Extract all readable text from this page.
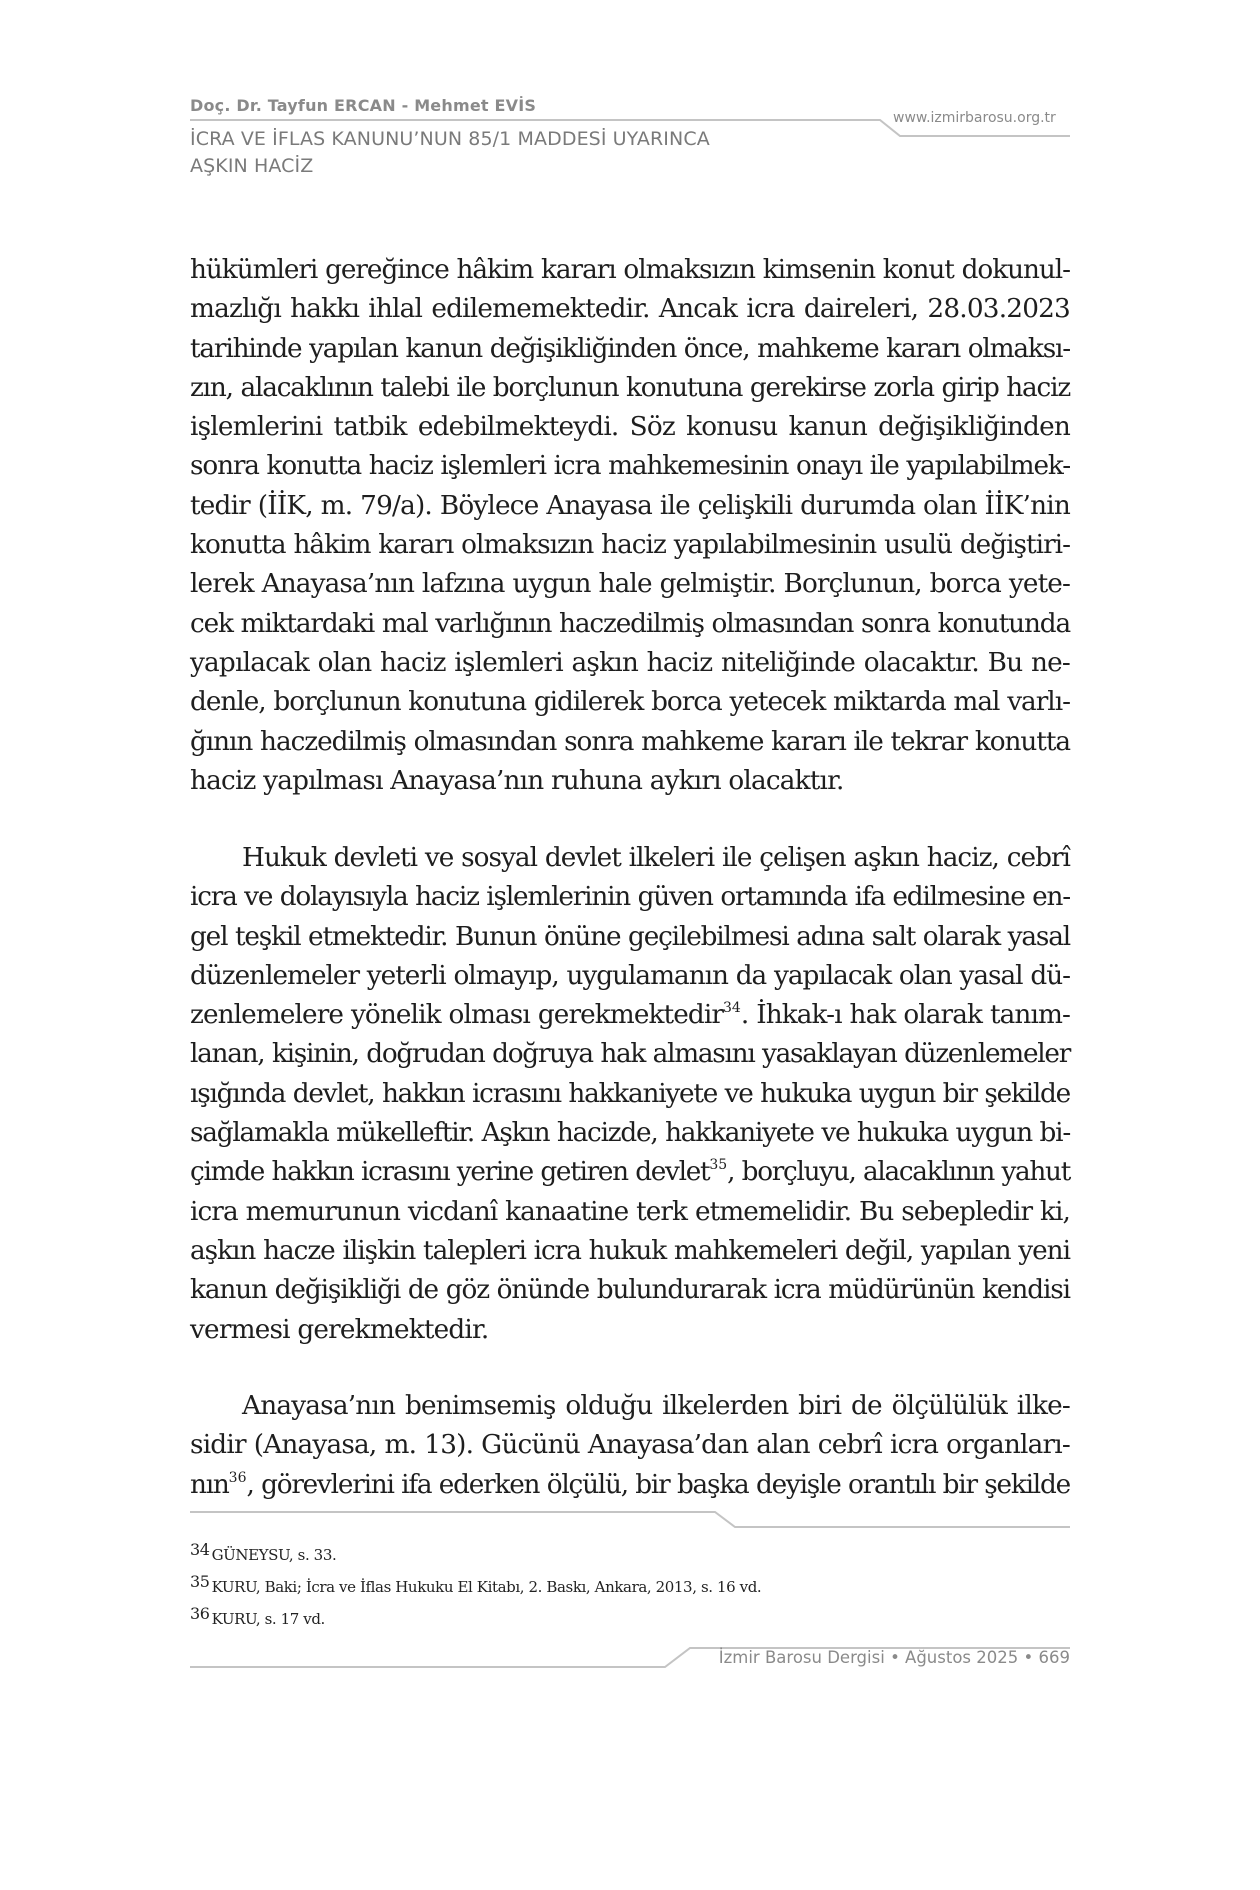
Doç. Dr. Tayfun ERCAN - Mehmet EVİS
İCRA VE İFLAS KANUNU’NUN 85/1 MADDESİ UYARINCA
AŞKIN HACİZ
www.izmirbarosu.org.tr
hükümleri gereğince hâkim kararı olmaksızın kimsenin konut dokunul-
mazlığı hakkı ihlal edilememektedir. Ancak icra daireleri, 28.03.2023
tarihinde yapılan kanun değişikliğinden önce, mahkeme kararı olmaksı-
zın, alacaklının talebi ile borçlunun konutuna gerekirse zorla girip haciz
işlemlerini tatbik edebilmekteydi. Söz konusu kanun değişikliğinden
sonra konutta haciz işlemleri icra mahkemesinin onayı ile yapılabilmek-
tedir (İİK, m. 79/a). Böylece Anayasa ile çelişkili durumda olan İİK’nin
konutta hâkim kararı olmaksızın haciz yapılabilmesinin usulü değiştiri-
lerek Anayasa’nın lafzına uygun hale gelmiştir. Borçlunun, borca yete-
cek miktardaki mal varlığının haczedilmiş olmasından sonra konutunda
yapılacak olan haciz işlemleri aşkın haciz niteliğinde olacaktır. Bu ne-
denle, borçlunun konutuna gidilerek borca yetecek miktarda mal varlı-
ğının haczedilmiş olmasından sonra mahkeme kararı ile tekrar konutta
haciz yapılması Anayasa’nın ruhuna aykırı olacaktır.
Hukuk devleti ve sosyal devlet ilkeleri ile çelişen aşkın haciz, cebrî
icra ve dolayısıyla haciz işlemlerinin güven ortamında ifa edilmesine en-
gel teşkil etmektedir. Bunun önüne geçilebilmesi adına salt olarak yasal
düzenlemeler yeterli olmayıp, uygulamanın da yapılacak olan yasal dü-
zenlemelere yönelik olması gerekmektedir$^{34}$. İhkak-ı hak olarak tanım-
lanan, kişinin, doğrudan doğruya hak almasını yasaklayan düzenlemeler
ışığında devlet, hakkın icrasını hakkaniyete ve hukuka uygun bir şekilde
sağlamakla mükelleftir. Aşkın hacizde, hakkaniyete ve hukuka uygun bi-
çimde hakkın icrasını yerine getiren devlet$^{35}$, borçluyu, alacaklının yahut
icra memurunun vicdanî kanaatine terk etmemelidir. Bu sebepledir ki,
aşkın hacze ilişkin talepleri icra hukuk mahkemeleri değil, yapılan yeni
kanun değişikliği de göz önünde bulundurarak icra müdürünün kendisi
vermesi gerekmektedir.
Anayasa’nın benimsemiş olduğu ilkelerden biri de ölçülülük ilke-
sidir (Anayasa, m. 13). Gücünü Anayasa’dan alan cebrî icra organları-
nın$^{36}$, görevlerini ifa ederken ölçülü, bir başka deyişle orantılı bir şekilde
34 GÜNEYSU, s. 33.
35 KURU, Baki; İcra ve İflas Hukuku El Kitabı, 2. Baskı, Ankara, 2013, s. 16 vd.
36 KURU, s. 17 vd.
İzmir Barosu Dergisi • Ağustos 2025 • 669
